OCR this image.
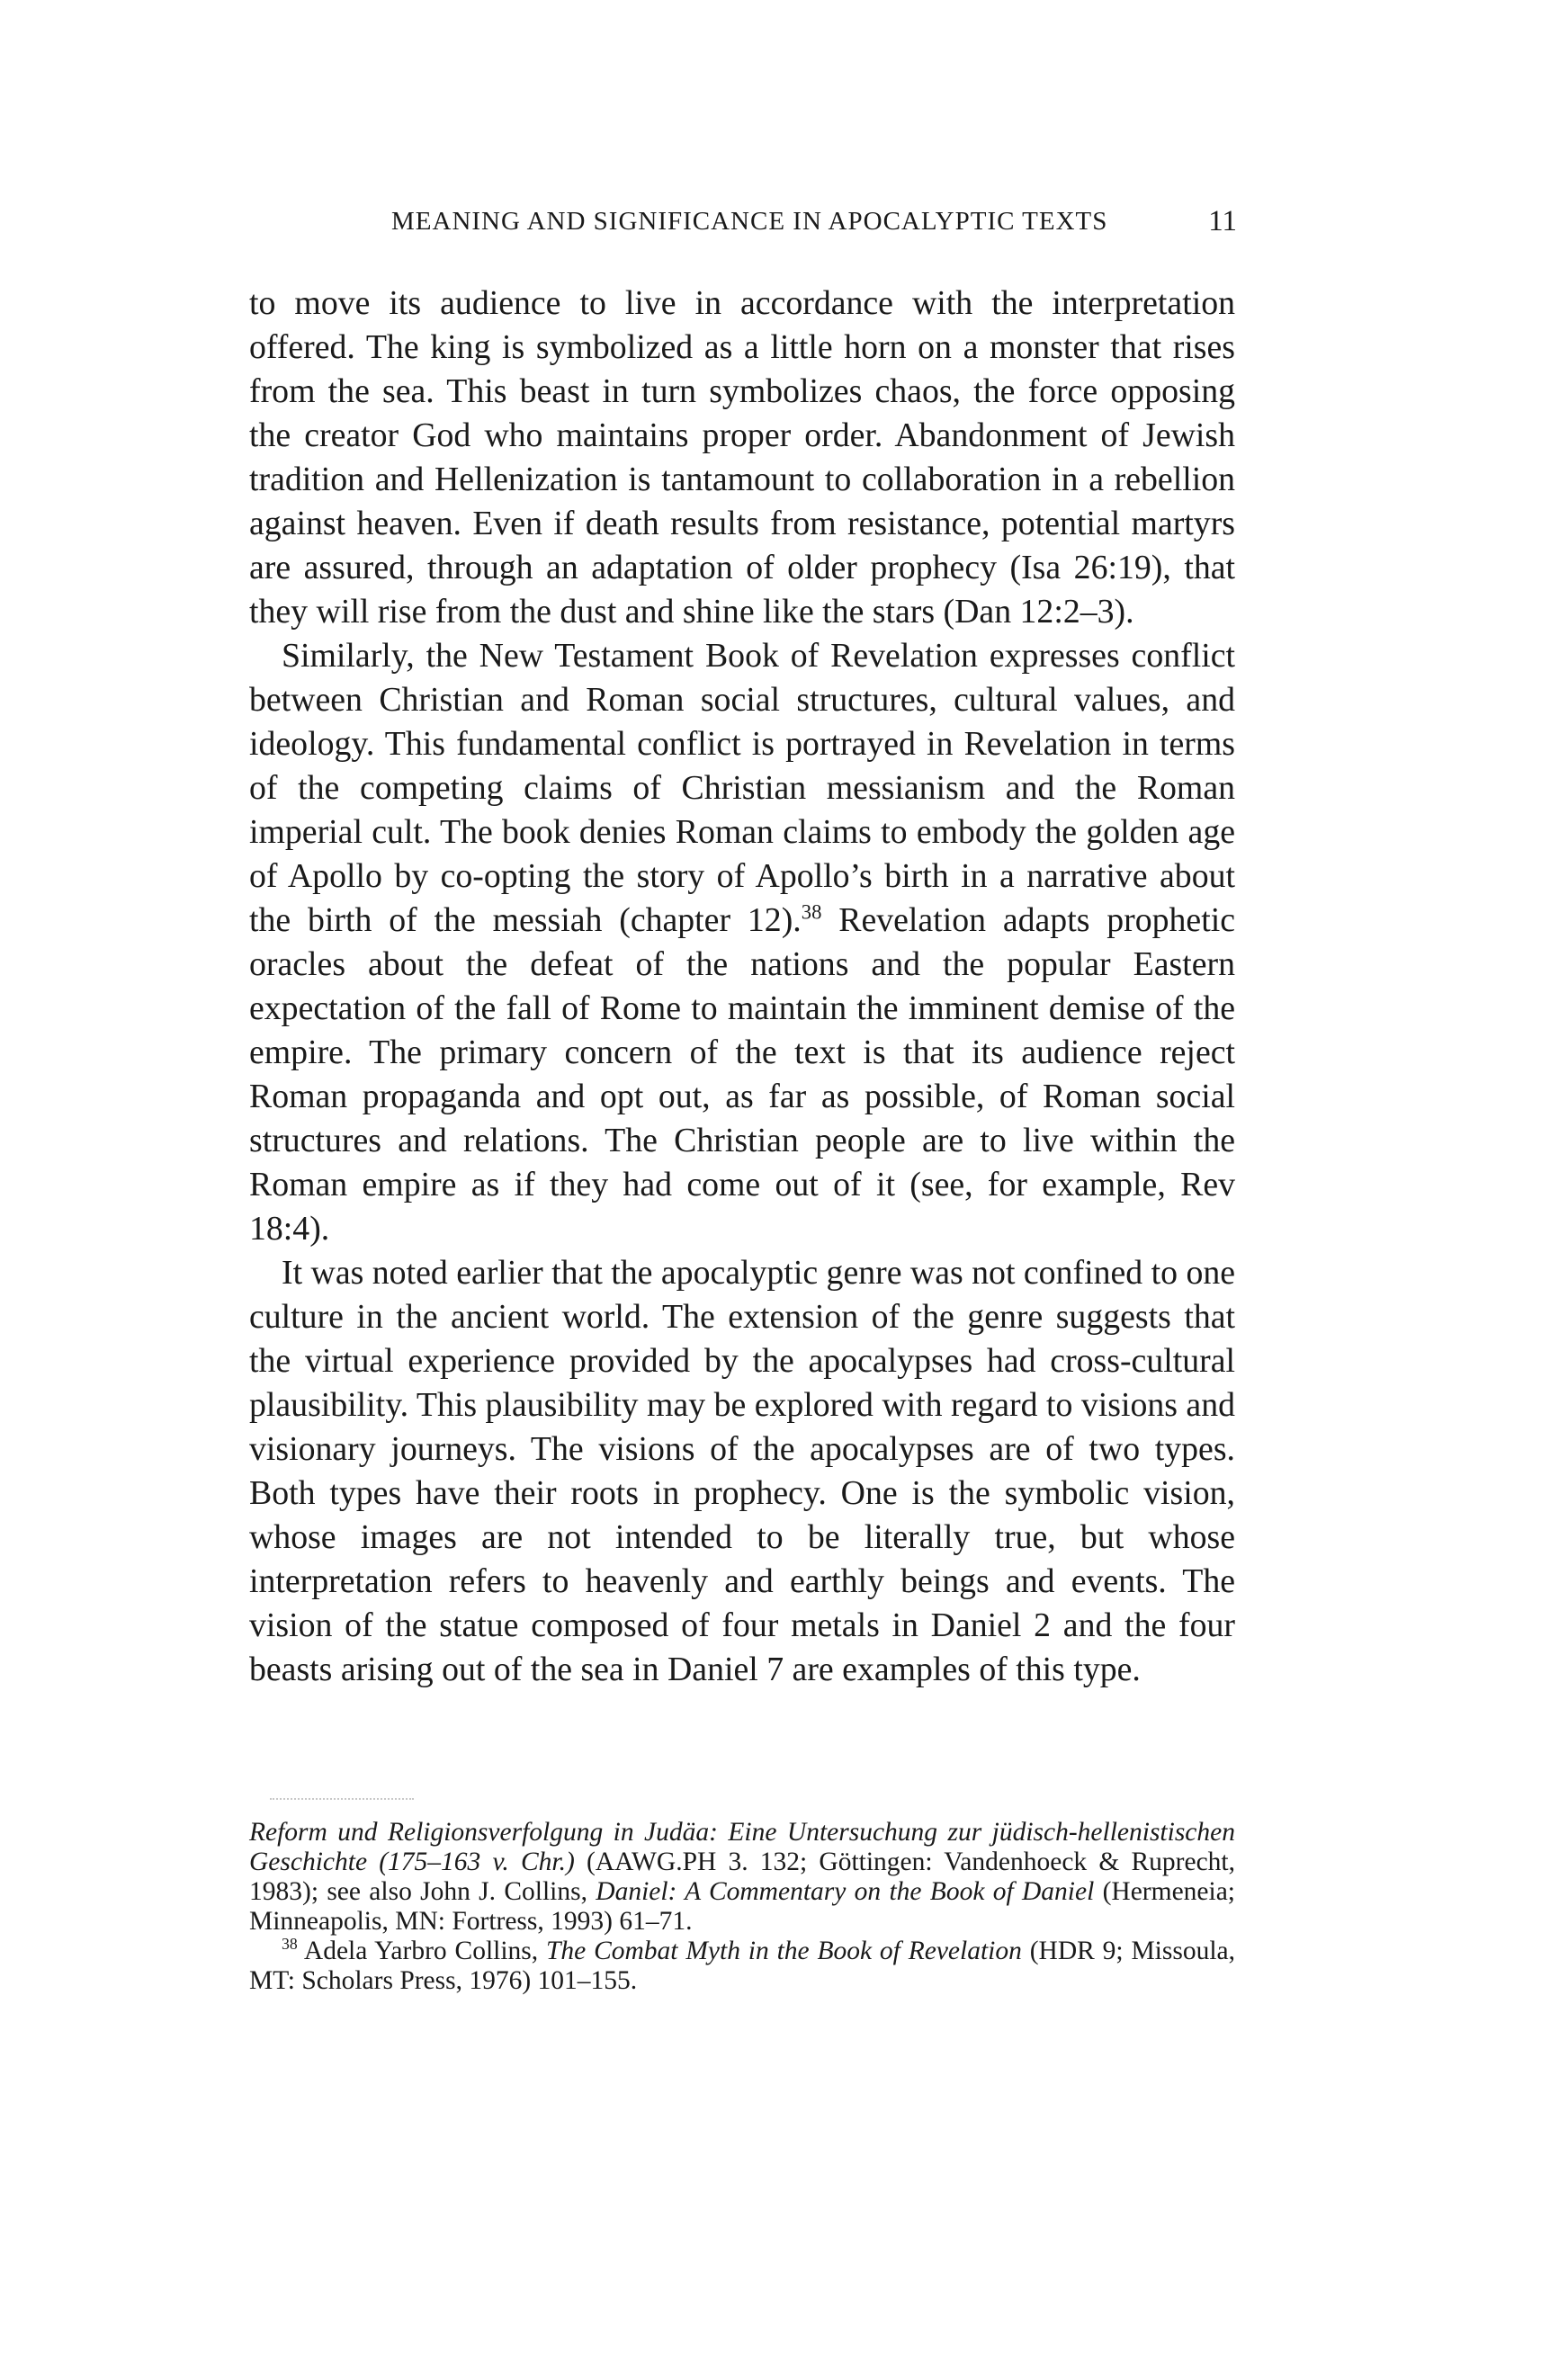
MEANING AND SIGNIFICANCE IN APOCALYPTIC TEXTS	11

to move its audience to live in accordance with the interpretation offered. The king is symbolized as a little horn on a monster that rises from the sea. This beast in turn symbolizes chaos, the force opposing the creator God who maintains proper order. Abandonment of Jewish tradition and Hellenization is tantamount to collaboration in a rebellion against heaven. Even if death results from resistance, potential martyrs are assured, through an adaptation of older prophecy (Isa 26:19), that they will rise from the dust and shine like the stars (Dan 12:2–3).

Similarly, the New Testament Book of Revelation expresses conflict between Christian and Roman social structures, cultural values, and ideology. This fundamental conflict is portrayed in Revelation in terms of the competing claims of Christian messianism and the Roman imperial cult. The book denies Roman claims to embody the golden age of Apollo by co-opting the story of Apollo’s birth in a narrative about the birth of the messiah (chapter 12).$^{38}$ Revelation adapts prophetic oracles about the defeat of the nations and the popular Eastern expectation of the fall of Rome to maintain the imminent demise of the empire. The primary concern of the text is that its audience reject Roman propaganda and opt out, as far as possible, of Roman social structures and relations. The Christian people are to live within the Roman empire as if they had come out of it (see, for example, Rev 18:4).

It was noted earlier that the apocalyptic genre was not confined to one culture in the ancient world. The extension of the genre suggests that the virtual experience provided by the apocalypses had cross-cultural plausibility. This plausibility may be explored with regard to visions and visionary journeys. The visions of the apocalypses are of two types. Both types have their roots in prophecy. One is the symbolic vision, whose images are not intended to be literally true, but whose interpretation refers to heavenly and earthly beings and events. The vision of the statue composed of four metals in Daniel 2 and the four beasts arising out of the sea in Daniel 7 are examples of this type.

Reform und Religionsverfolgung in Judäa: Eine Untersuchung zur jüdisch-hellenistischen Geschichte (175–163 v. Chr.) (AAWG.PH 3. 132; Göttingen: Vandenhoeck & Ruprecht, 1983); see also John J. Collins, Daniel: A Commentary on the Book of Daniel (Hermeneia; Minneapolis, MN: Fortress, 1993) 61–71.

$^{38}$ Adela Yarbro Collins, The Combat Myth in the Book of Revelation (HDR 9; Missoula, MT: Scholars Press, 1976) 101–155.
